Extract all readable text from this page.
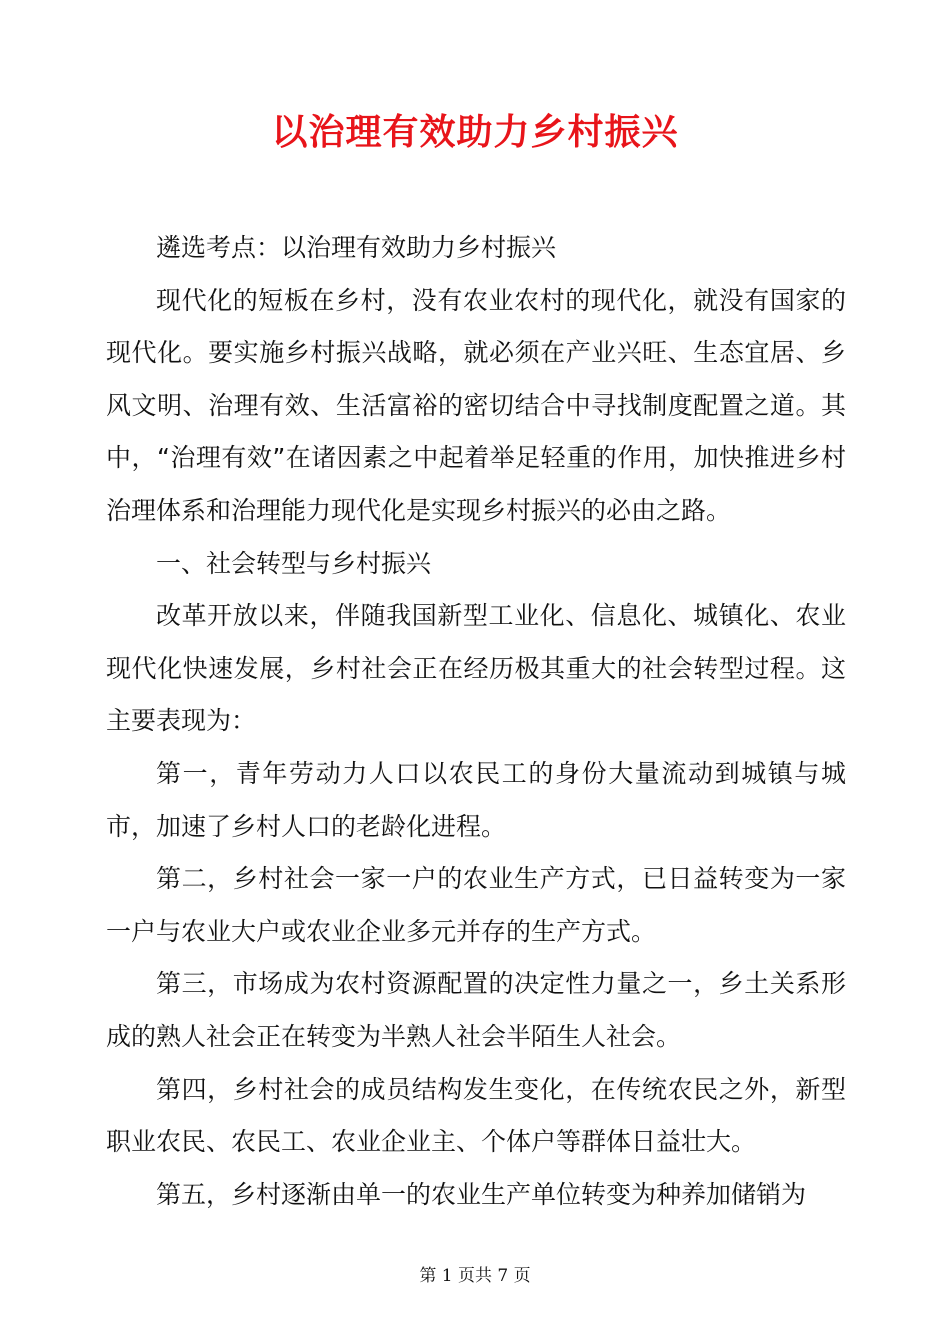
以治理有效助力乡村振兴

遴选考点：以治理有效助力乡村振兴

现代化的短板在乡村，没有农业农村的现代化，就没有国家的现代化。要实施乡村振兴战略，就必须在产业兴旺、生态宜居、乡风文明、治理有效、生活富裕的密切结合中寻找制度配置之道。其中，“治理有效”在诸因素之中起着举足轻重的作用，加快推进乡村治理体系和治理能力现代化是实现乡村振兴的必由之路。

一、社会转型与乡村振兴

改革开放以来，伴随我国新型工业化、信息化、城镇化、农业现代化快速发展，乡村社会正在经历极其重大的社会转型过程。这主要表现为：

第一，青年劳动力人口以农民工的身份大量流动到城镇与城市，加速了乡村人口的老龄化进程。

第二，乡村社会一家一户的农业生产方式，已日益转变为一家一户与农业大户或农业企业多元并存的生产方式。

第三，市场成为农村资源配置的决定性力量之一，乡土关系形成的熟人社会正在转变为半熟人社会半陌生人社会。

第四，乡村社会的成员结构发生变化，在传统农民之外，新型职业农民、农民工、农业企业主、个体户等群体日益壮大。

第五，乡村逐渐由单一的农业生产单位转变为种养加储销为

第 1 页共 7 页
